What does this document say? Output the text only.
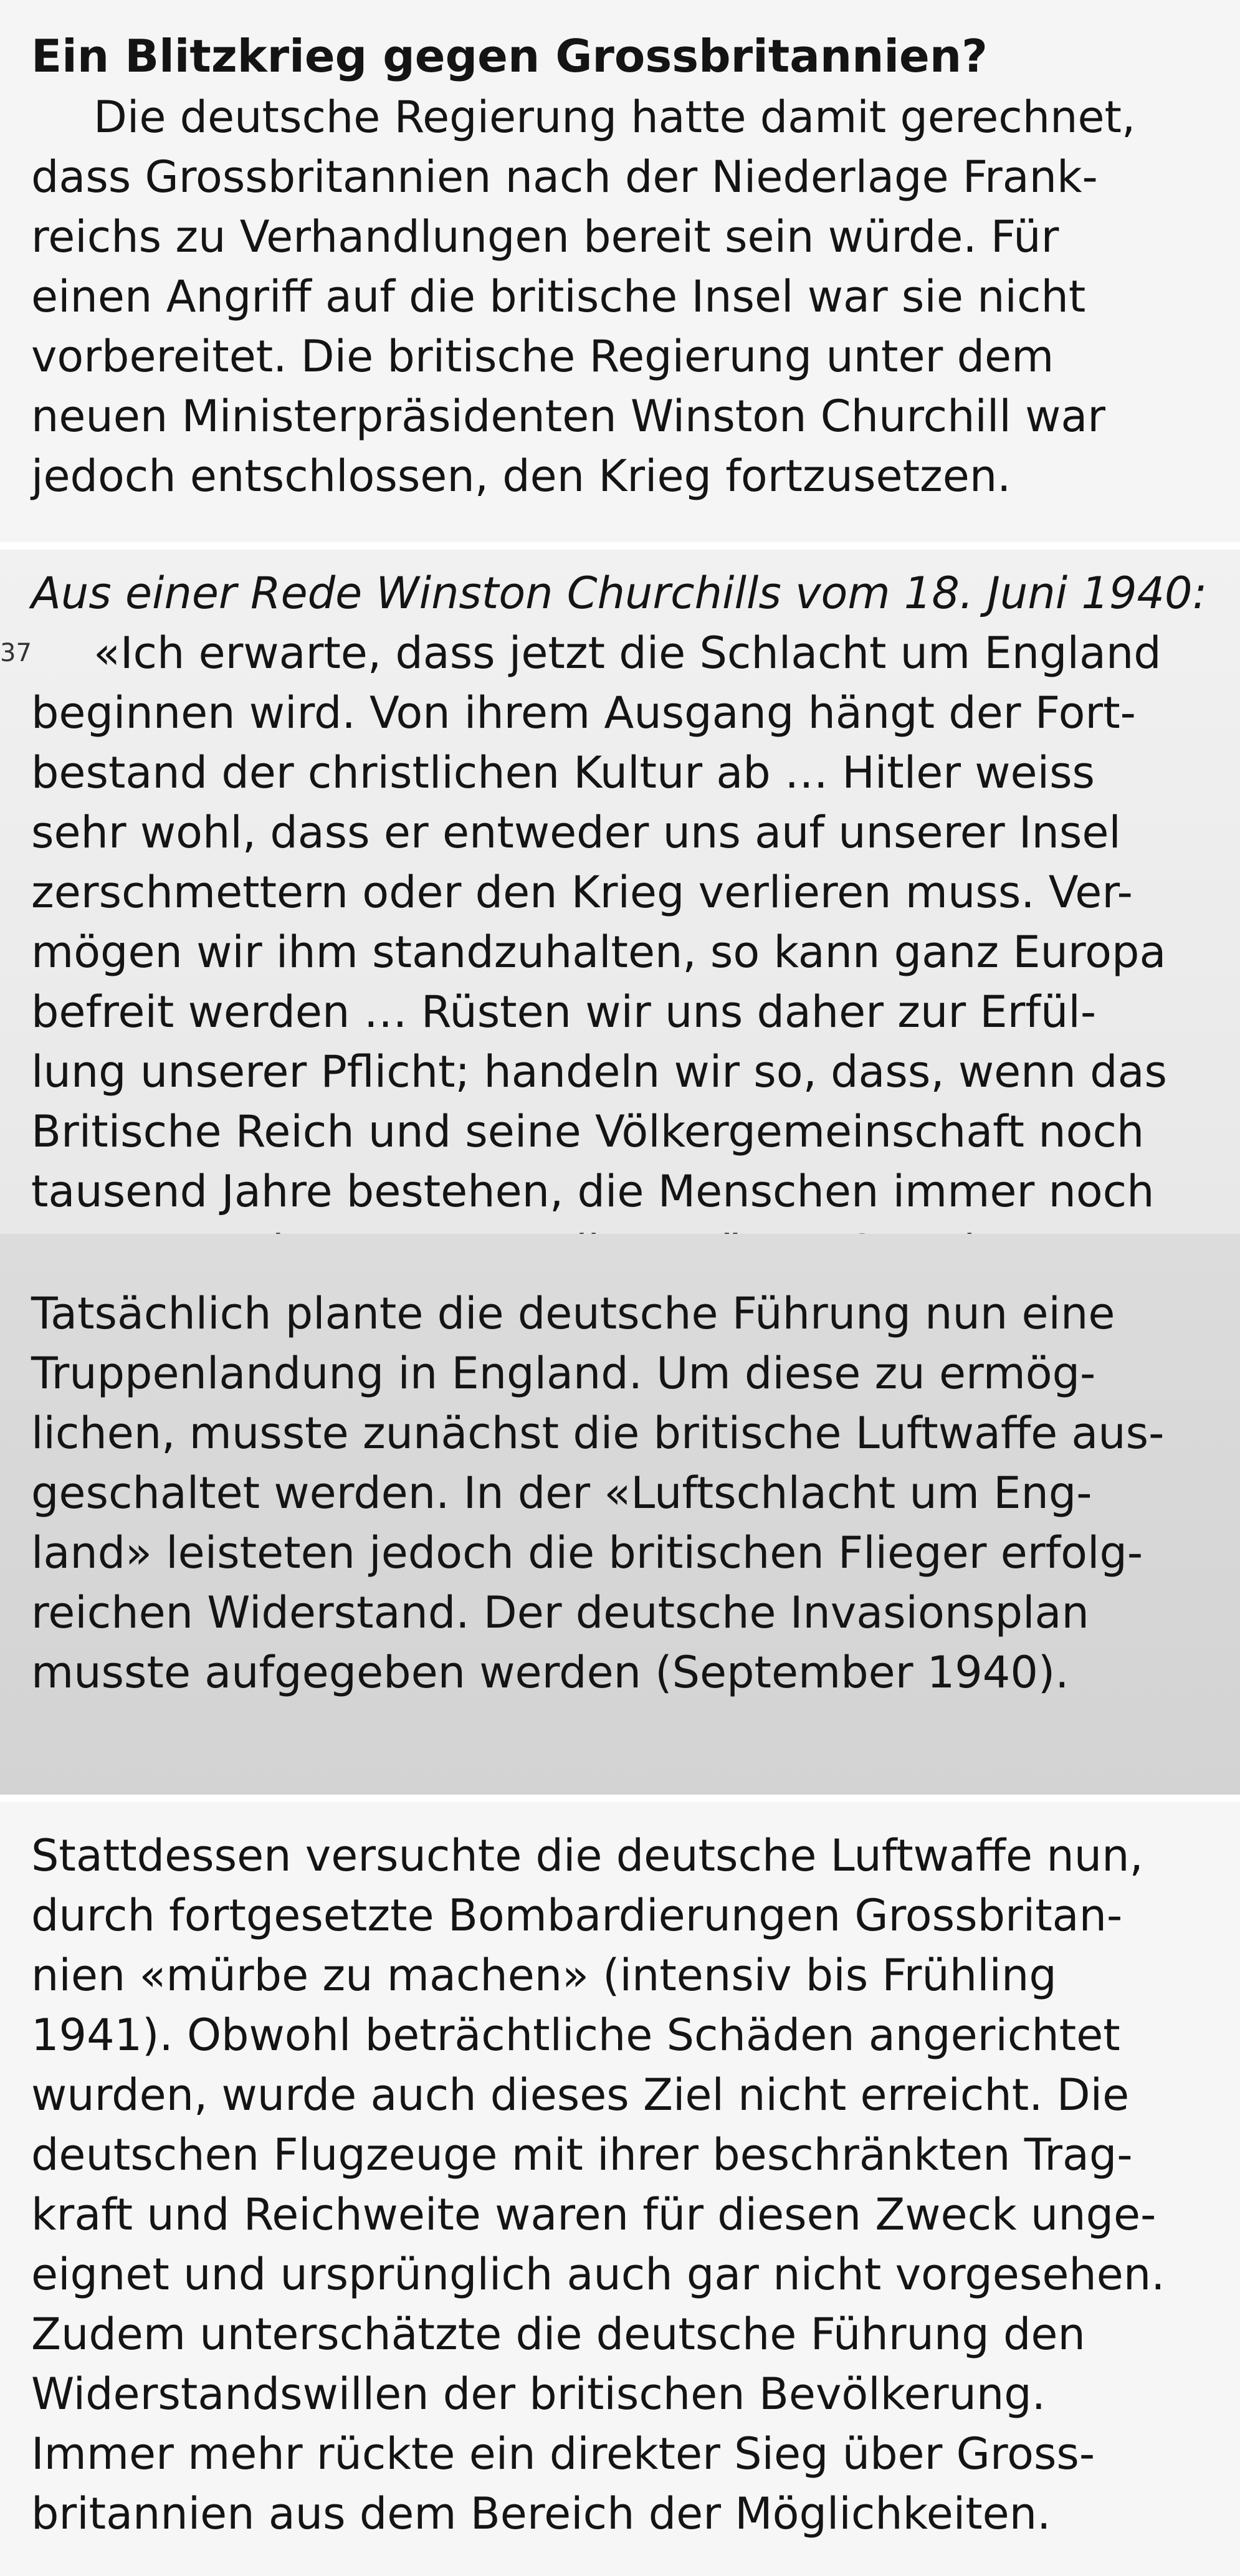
Ein Blitzkrieg gegen Grossbritannien?
Die deutsche Regierung hatte damit gerechnet,
dass Grossbritannien nach der Niederlage Frank-
reichs zu Verhandlungen bereit sein würde. Für
einen Angriff auf die britische Insel war sie nicht
vorbereitet. Die britische Regierung unter dem
neuen Ministerpräsidenten Winston Churchill war
jedoch entschlossen, den Krieg fortzusetzen.
Aus einer Rede Winston Churchills vom 18. Juni 1940:
«Ich erwarte, dass jetzt die Schlacht um England
beginnen wird. Von ihrem Ausgang hängt der Fort-
bestand der christlichen Kultur ab … Hitler weiss
sehr wohl, dass er entweder uns auf unserer Insel
zerschmettern oder den Krieg verlieren muss. Ver-
mögen wir ihm standzuhalten, so kann ganz Europa
befreit werden … Rüsten wir uns daher zur Erfül-
lung unserer Pflicht; handeln wir so, dass, wenn das
Britische Reich und seine Völkergemeinschaft noch
tausend Jahre bestehen, die Menschen immer noch
37
Tatsächlich plante die deutsche Führung nun eine
Truppenlandung in England. Um diese zu ermög-
lichen, musste zunächst die britische Luftwaffe aus-
geschaltet werden. In der «Luftschlacht um Eng-
land» leisteten jedoch die britischen Flieger erfolg-
reichen Widerstand. Der deutsche Invasionsplan
musste aufgegeben werden (September 1940).
Stattdessen versuchte die deutsche Luftwaffe nun,
durch fortgesetzte Bombardierungen Grossbritan-
nien «mürbe zu machen» (intensiv bis Frühling
1941). Obwohl beträchtliche Schäden angerichtet
wurden, wurde auch dieses Ziel nicht erreicht. Die
deutschen Flugzeuge mit ihrer beschränkten Trag-
kraft und Reichweite waren für diesen Zweck unge-
eignet und ursprünglich auch gar nicht vorgesehen.
Zudem unterschätzte die deutsche Führung den
Widerstandswillen der britischen Bevölkerung.
Immer mehr rückte ein direkter Sieg über Gross-
britannien aus dem Bereich der Möglichkeiten.
